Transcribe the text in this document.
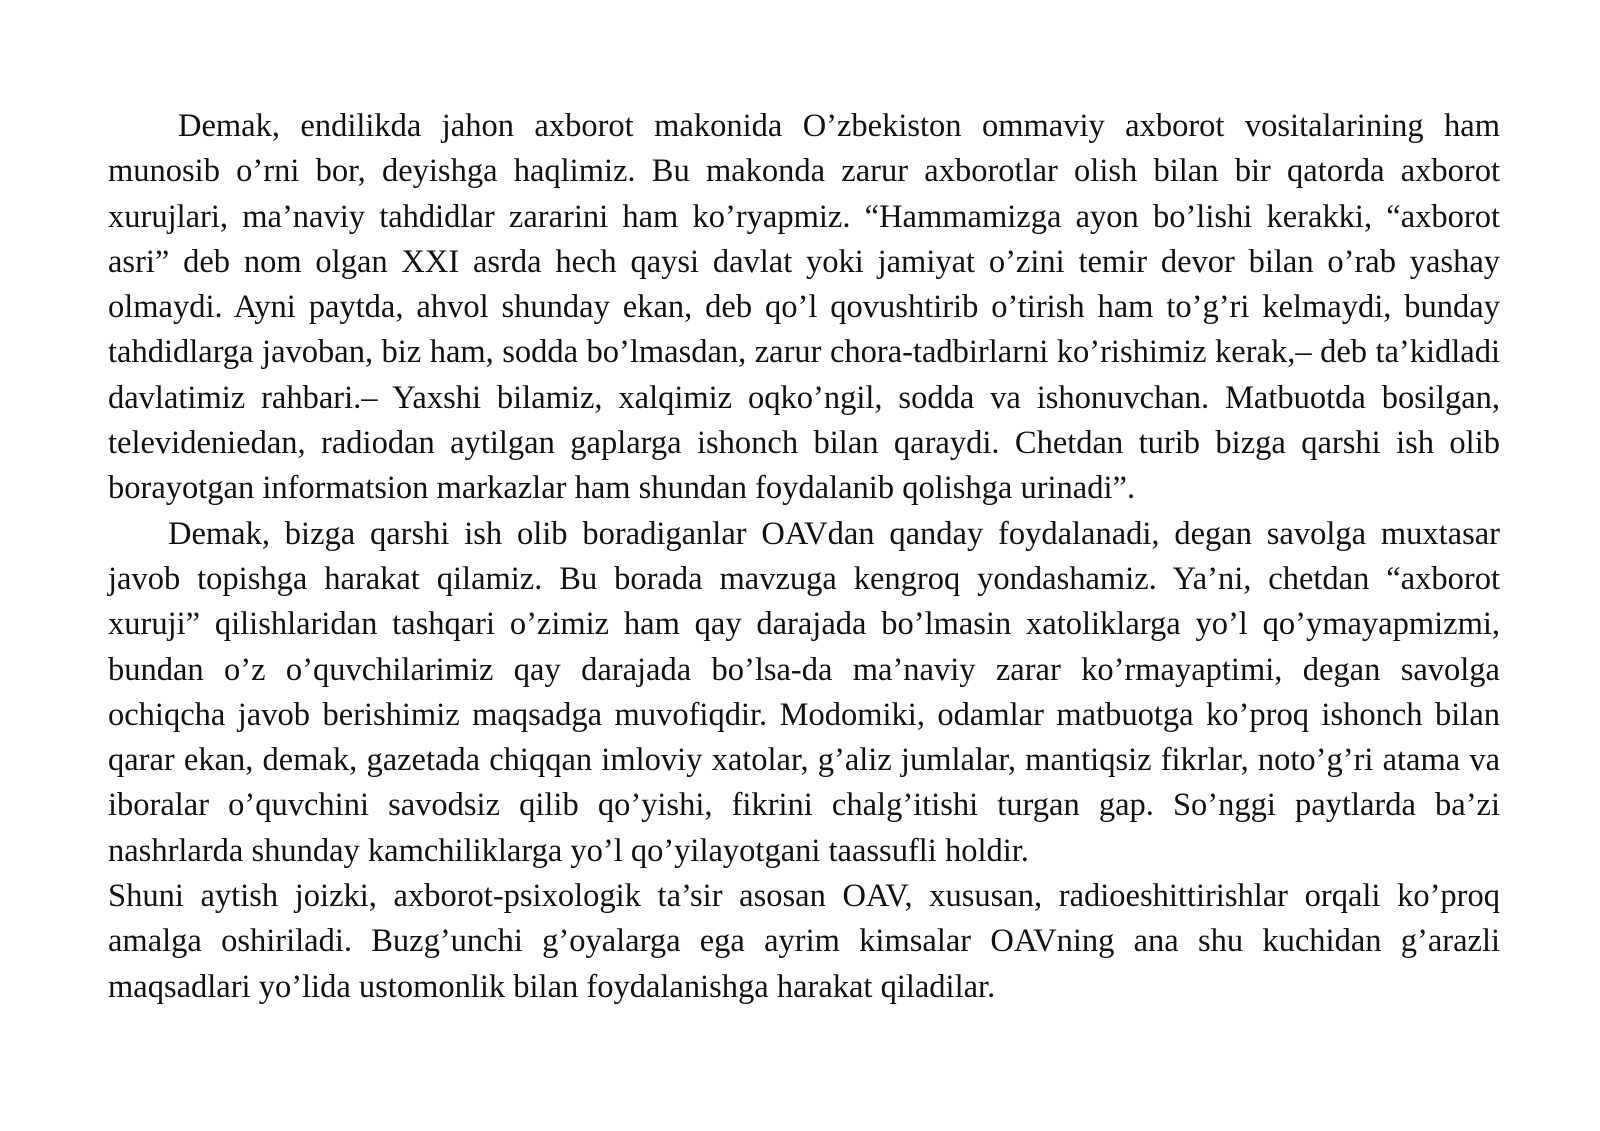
Demak, endilikda jahon axborot makonida O’zbekiston ommaviy axborot vositalarining ham munosib o’rni bor, deyishga haqlimiz. Bu makonda zarur axborotlar olish bilan bir qatorda axborot xurujlari, ma’naviy tahdidlar zararini ham ko’ryapmiz. “Hammamizga ayon bo’lishi kerakki, “axborot asri” deb nom olgan XXI asrda hech qaysi davlat yoki jamiyat o’zini temir devor bilan o’rab yashay olmaydi. Ayni paytda, ahvol shunday ekan, deb qo’l qovushtirib o’tirish ham to’g’ri kelmaydi, bunday tahdidlarga javoban, biz ham, sodda bo’lmasdan, zarur chora-tadbirlarni ko’rishimiz kerak,– deb ta’kidladi davlatimiz rahbari.– Yaxshi bilamiz, xalqimiz oqko’ngil, sodda va ishonuvchan. Matbuotda bosilgan, televideniedan, radiodan aytilgan gaplarga ishonch bilan qaraydi. Chetdan turib bizga qarshi ish olib borayotgan informatsion markazlar ham shundan foydalanib qolishga urinadi”.

Demak, bizga qarshi ish olib boradiganlar OAVdan qanday foydalanadi, degan savolga muxtasar javob topishga harakat qilamiz. Bu borada mavzuga kengroq yondashamiz. Ya’ni, chetdan “axborot xuruji” qilishlaridan tashqari o’zimiz ham qay darajada bo’lmasin xatoliklarga yo’l qo’ymayapmizmi, bundan o’z o’quvchilarimiz qay darajada bo’lsa-da ma’naviy zarar ko’rmayaptimi, degan savolga ochiqcha javob berishimiz maqsadga muvofiqdir. Modomiki, odamlar matbuotga ko’proq ishonch bilan qarar ekan, demak, gazetada chiqqan imloviy xatolar, g’aliz jumlalar, mantiqsiz fikrlar, noto’g’ri atama va iboralar o’quvchini savodsiz qilib qo’yishi, fikrini chalg’itishi turgan gap. So’nggi paytlarda ba’zi nashrlarda shunday kamchiliklarga yo’l qo’yilayotgani taassufli holdir.

Shuni aytish joizki, axborot-psixologik ta’sir asosan OAV, xususan, radioeshittirishlar orqali ko’proq amalga oshiriladi. Buzg’unchi g’oyalarga ega ayrim kimsalar OAVning ana shu kuchidan g’arazli maqsadlari yo’lida ustomonlik bilan foydalanishga harakat qiladilar.
